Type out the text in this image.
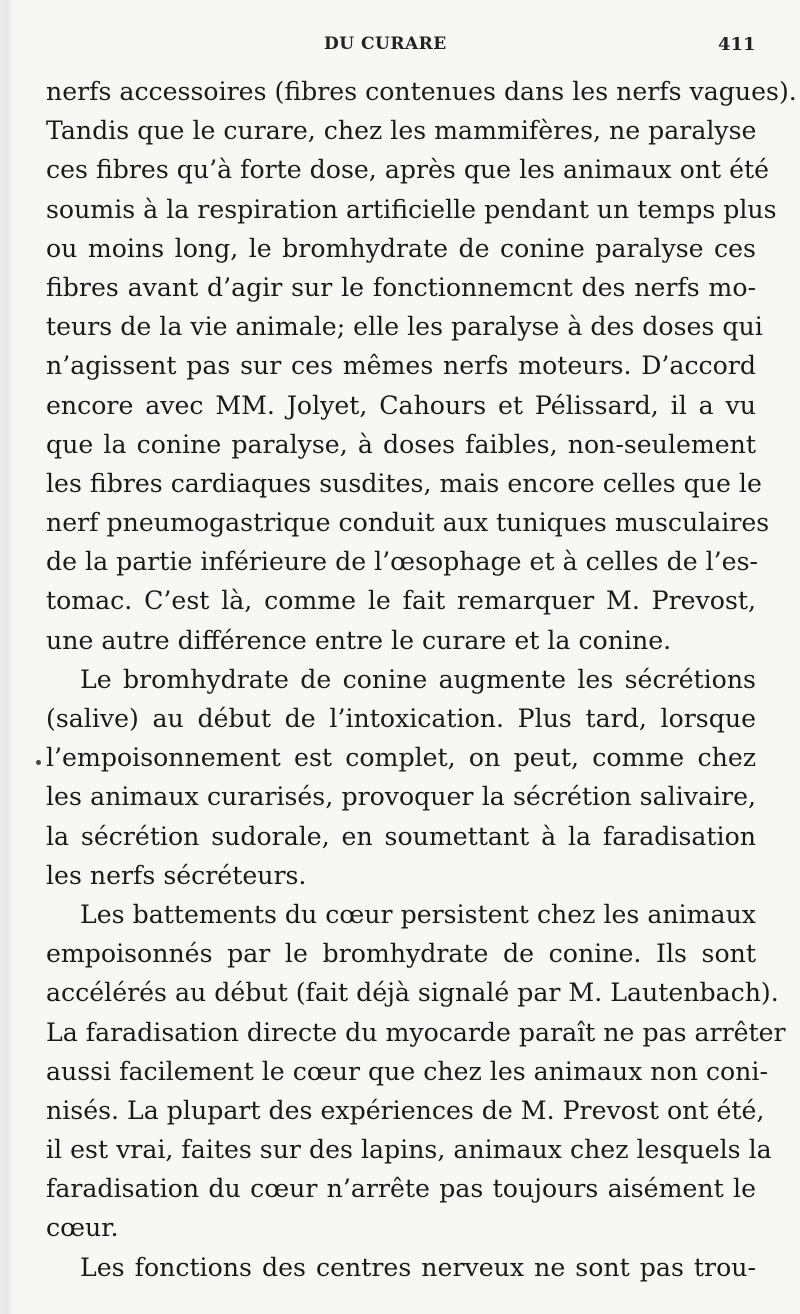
DU CURARE	411
nerfs accessoires (fibres contenues dans les nerfs vagues).
Tandis que le curare, chez les mammifères, ne paralyse
ces fibres qu’à forte dose, après que les animaux ont été
soumis à la respiration artificielle pendant un temps plus
ou moins long, le bromhydrate de conine paralyse ces
fibres avant d’agir sur le fonctionnemcnt des nerfs mo-
teurs de la vie animale; elle les paralyse à des doses qui
n’agissent pas sur ces mêmes nerfs moteurs. D’accord
encore avec MM. Jolyet, Cahours et Pélissard, il a vu
que la conine paralyse, à doses faibles, non-seulement
les fibres cardiaques susdites, mais encore celles que le
nerf pneumogastrique conduit aux tuniques musculaires
de la partie inférieure de l’œsophage et à celles de l’es-
tomac. C’est là, comme le fait remarquer M. Prevost,
une autre différence entre le curare et la conine.
Le bromhydrate de conine augmente les sécrétions
(salive) au début de l’intoxication. Plus tard, lorsque
l’empoisonnement est complet, on peut, comme chez
les animaux curarisés, provoquer la sécrétion salivaire,
la sécrétion sudorale, en soumettant à la faradisation
les nerfs sécréteurs.
Les battements du cœur persistent chez les animaux
empoisonnés par le bromhydrate de conine. Ils sont
accélérés au début (fait déjà signalé par M. Lautenbach).
La faradisation directe du myocarde paraît ne pas arrêter
aussi facilement le cœur que chez les animaux non coni-
nisés. La plupart des expériences de M. Prevost ont été,
il est vrai, faites sur des lapins, animaux chez lesquels la
faradisation du cœur n’arrête pas toujours aisément le
cœur.
Les fonctions des centres nerveux ne sont pas trou-
